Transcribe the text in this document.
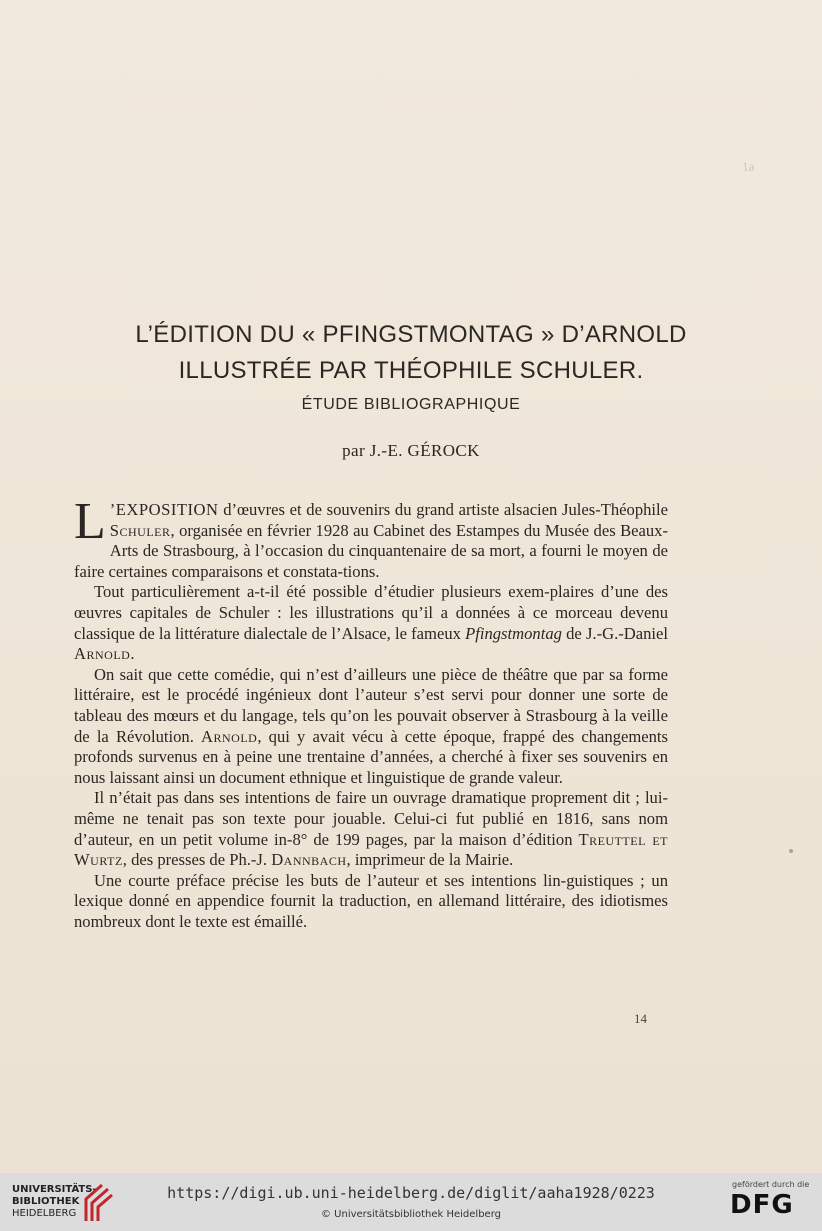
1a
L’ÉDITION DU « PFINGSTMONTAG » D’ARNOLD
ILLUSTRÉE PAR THÉOPHILE SCHULER.
ÉTUDE BIBLIOGRAPHIQUE
par J.-E. GÉROCK

L ’EXPOSITION d’œuvres et de souvenirs du grand artiste alsacien Jules-Théophile Schuler, organisée en février 1928 au Cabinet des Estampes du Musée des Beaux-Arts de Strasbourg, à l’occasion du cinquantenaire de sa mort, a fourni le moyen de faire certaines comparaisons et constata-tions.

Tout particulièrement a-t-il été possible d’étudier plusieurs exem-plaires d’une des œuvres capitales de Schuler : les illustrations qu’il a données à ce morceau devenu classique de la littérature dialectale de l’Alsace, le fameux Pfingstmontag de J.-G.-Daniel Arnold.

On sait que cette comédie, qui n’est d’ailleurs une pièce de théâtre que par sa forme littéraire, est le procédé ingénieux dont l’auteur s’est servi pour donner une sorte de tableau des mœurs et du langage, tels qu’on les pouvait observer à Strasbourg à la veille de la Révolution. Arnold, qui y avait vécu à cette époque, frappé des changements profonds survenus en à peine une trentaine d’années, a cherché à fixer ses souvenirs en nous laissant ainsi un document ethnique et linguistique de grande valeur.

Il n’était pas dans ses intentions de faire un ouvrage dramatique proprement dit ; lui-même ne tenait pas son texte pour jouable. Celui-ci fut publié en 1816, sans nom d’auteur, en un petit volume in-8° de 199 pages, par la maison d’édition Treuttel et Wurtz, des presses de Ph.-J. Dannbach, imprimeur de la Mairie.

Une courte préface précise les buts de l’auteur et ses intentions lin-guistiques ; un lexique donné en appendice fournit la traduction, en allemand littéraire, des idiotismes nombreux dont le texte est émaillé.

14
UNIVERSITÄTS-
BIBLIOTHEK
HEIDELBERG
https://digi.ub.uni-heidelberg.de/diglit/aaha1928/0223
© Universitätsbibliothek Heidelberg
gefördert durch die
DFG
